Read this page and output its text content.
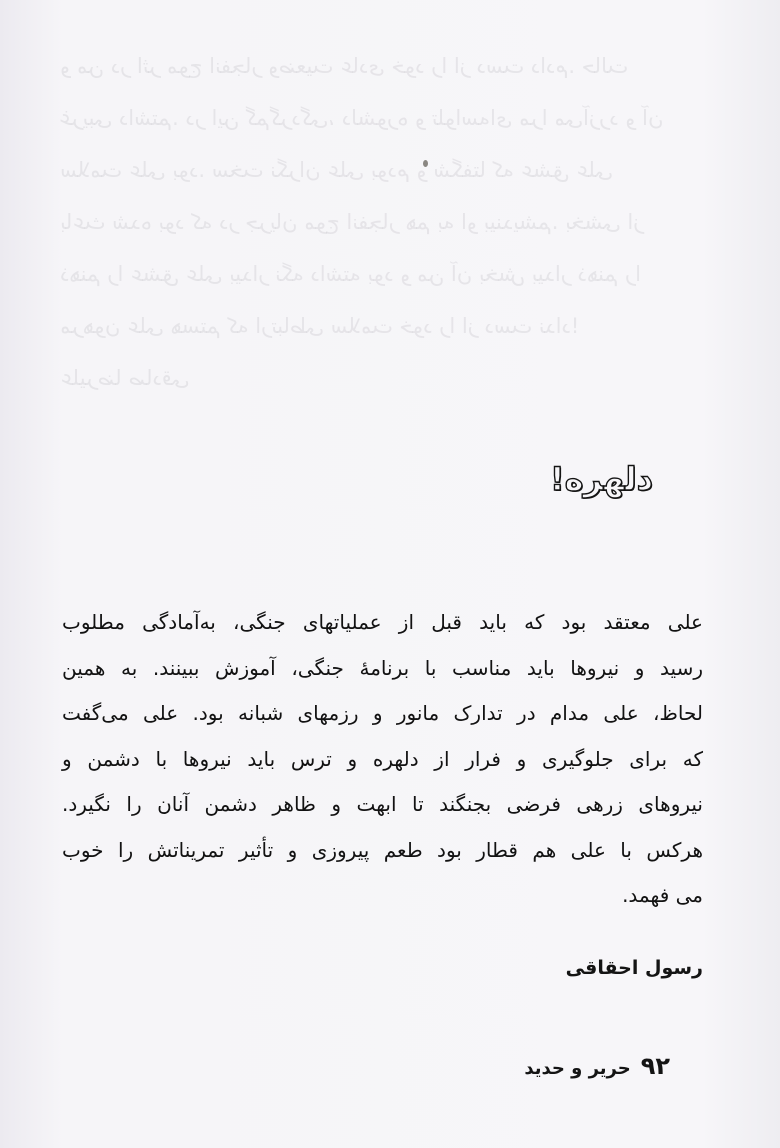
و من در اثر موج انفجار وضعیت عادی خود را از دست دادم. حالت
غریبی داشتم. در این گم‌گردگی، دلشوره و تلواسه‌ای مرا می‌آزرد و آن
سلامت علی بود. سخت نگران علی بودم و شگفتا که عشق علی
باعث شده بود که در جریان موج انفجار هم به او بیندیشم. بخشی از
ذهنم را عشق علی بیدار نگه داشته بود و من آن بخش بیدار ذهنم را
مرهون علی هستم که ارتباطی سلامت خود را از دست نداد!
علیرضا صادقی
دلهره!
علی معتقد بود که باید قبل از عملیاتهای جنگی، به‌آمادگی مطلوب
رسید و نیروها باید مناسب با برنامهٔ جنگی، آموزش ببینند. به همین
لحاظ، علی مدام در تدارک مانور و رزمهای شبانه بود. علی می‌گفت
که برای جلوگیری و فرار از دلهره و ترس باید نیروها با دشمن و
نیروهای زرهی فرضی بجنگند تا ابهت و ظاهر دشمن آنان را نگیرد.
هرکس با علی هم قطار بود طعم پیروزی و تأثیر تمریناتش را خوب
می فهمد.
رسول احقاقی
۹۲
حریر و حدید
